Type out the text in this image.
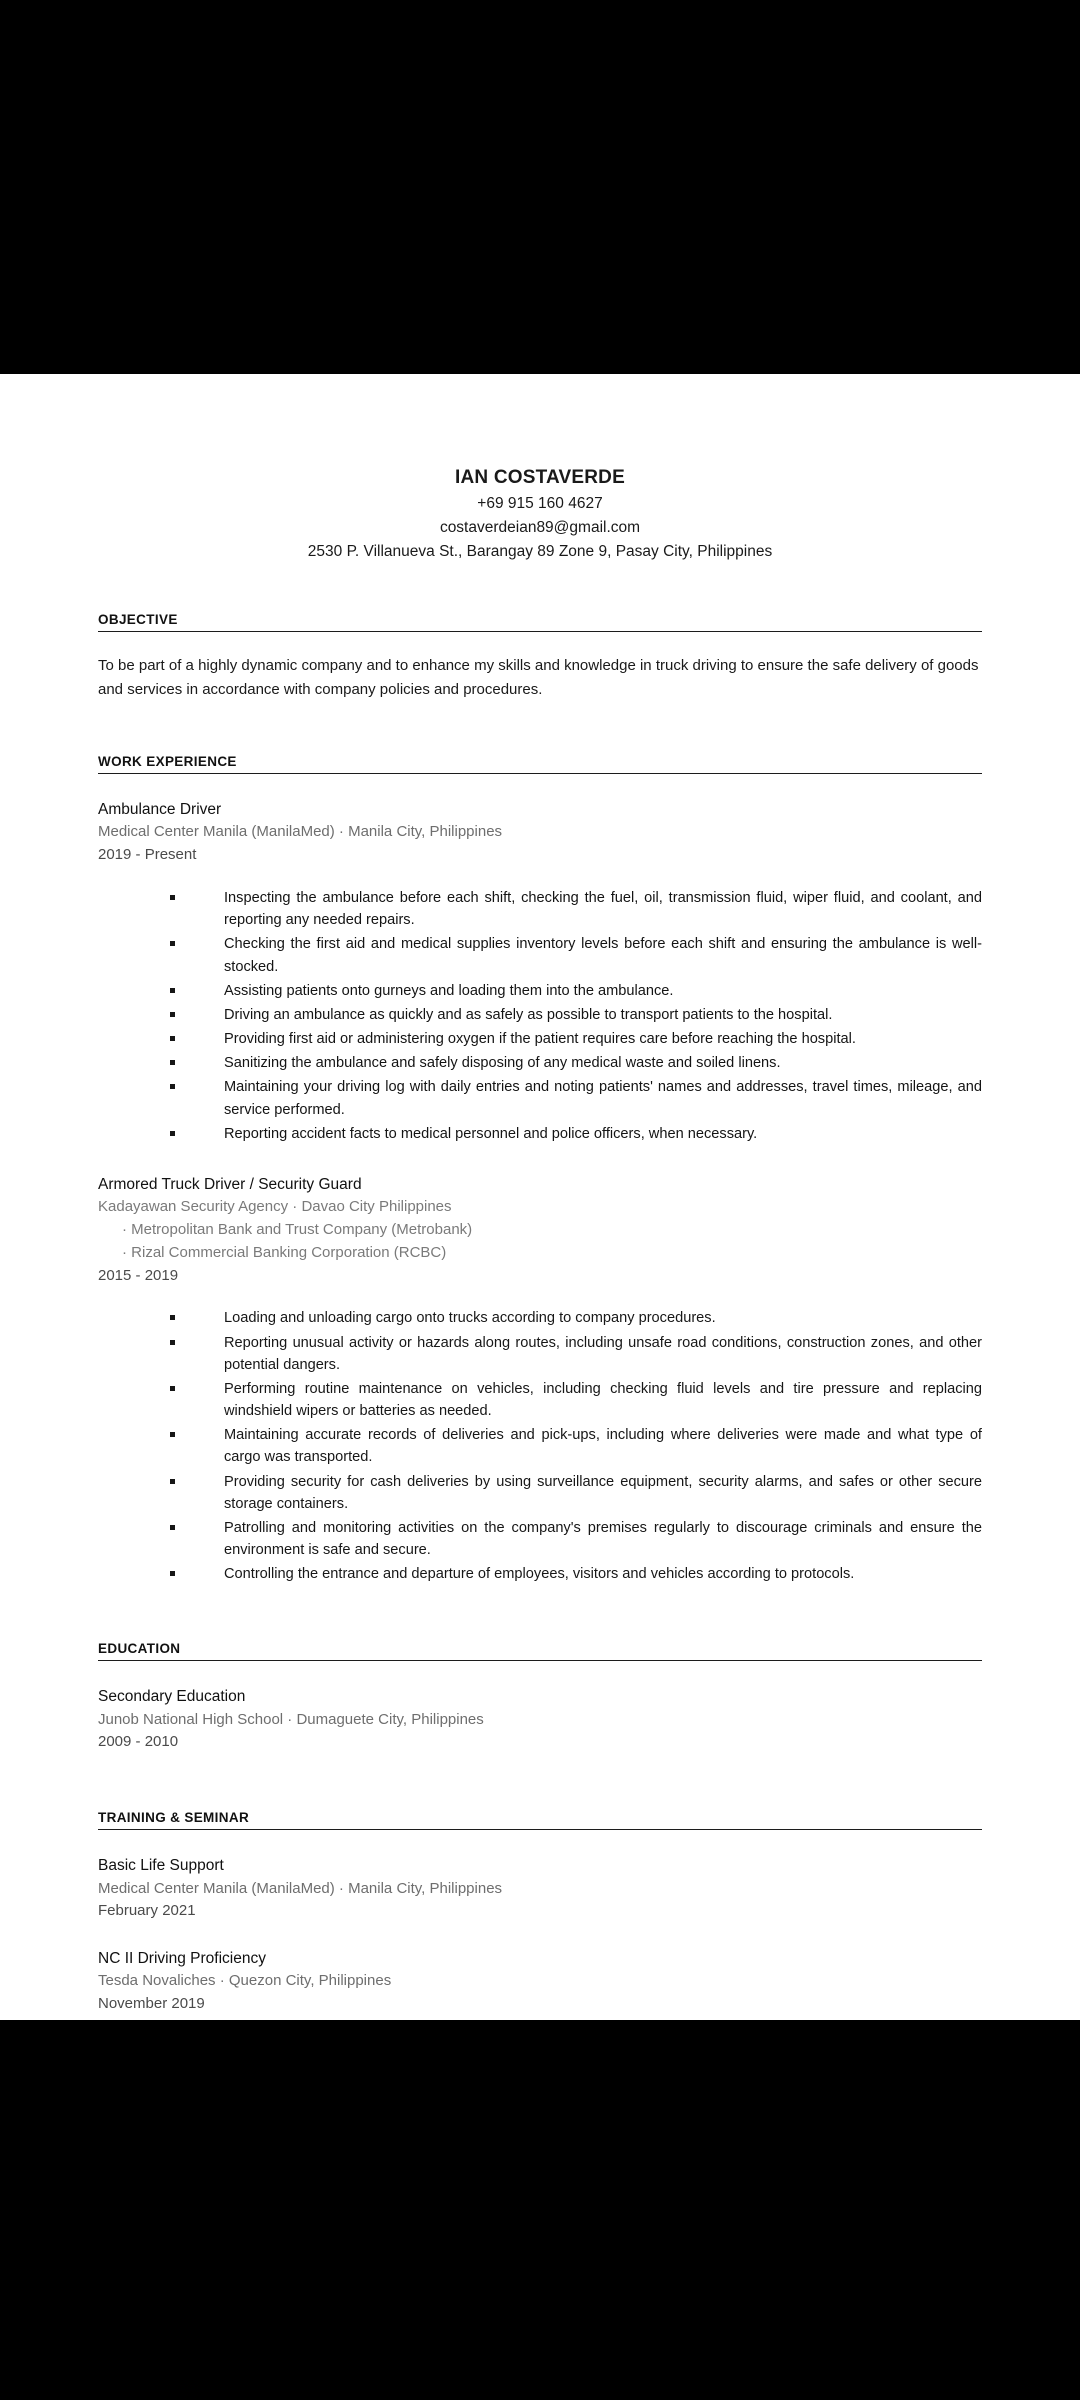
IAN COSTAVERDE
+69 915 160 4627
costaverdeian89@gmail.com
2530 P. Villanueva St., Barangay 89 Zone 9, Pasay City, Philippines
OBJECTIVE
To be part of a highly dynamic company and to enhance my skills and knowledge in truck driving to ensure the safe delivery of goods and services in accordance with company policies and procedures.
WORK EXPERIENCE
Ambulance Driver
Medical Center Manila (ManilaMed) · Manila City, Philippines
2019 - Present
Inspecting the ambulance before each shift, checking the fuel, oil, transmission fluid, wiper fluid, and coolant, and reporting any needed repairs.
Checking the first aid and medical supplies inventory levels before each shift and ensuring the ambulance is well-stocked.
Assisting patients onto gurneys and loading them into the ambulance.
Driving an ambulance as quickly and as safely as possible to transport patients to the hospital.
Providing first aid or administering oxygen if the patient requires care before reaching the hospital.
Sanitizing the ambulance and safely disposing of any medical waste and soiled linens.
Maintaining your driving log with daily entries and noting patients' names and addresses, travel times, mileage, and service performed.
Reporting accident facts to medical personnel and police officers, when necessary.
Armored Truck Driver / Security Guard
Kadayawan Security Agency · Davao City Philippines
· Metropolitan Bank and Trust Company (Metrobank)
· Rizal Commercial Banking Corporation (RCBC)
2015 - 2019
Loading and unloading cargo onto trucks according to company procedures.
Reporting unusual activity or hazards along routes, including unsafe road conditions, construction zones, and other potential dangers.
Performing routine maintenance on vehicles, including checking fluid levels and tire pressure and replacing windshield wipers or batteries as needed.
Maintaining accurate records of deliveries and pick-ups, including where deliveries were made and what type of cargo was transported.
Providing security for cash deliveries by using surveillance equipment, security alarms, and safes or other secure storage containers.
Patrolling and monitoring activities on the company's premises regularly to discourage criminals and ensure the environment is safe and secure.
Controlling the entrance and departure of employees, visitors and vehicles according to protocols.
EDUCATION
Secondary Education
Junob National High School · Dumaguete City, Philippines
2009 - 2010
TRAINING & SEMINAR
Basic Life Support
Medical Center Manila (ManilaMed) · Manila City, Philippines
February 2021
NC II Driving Proficiency
Tesda Novaliches · Quezon City, Philippines
November 2019
